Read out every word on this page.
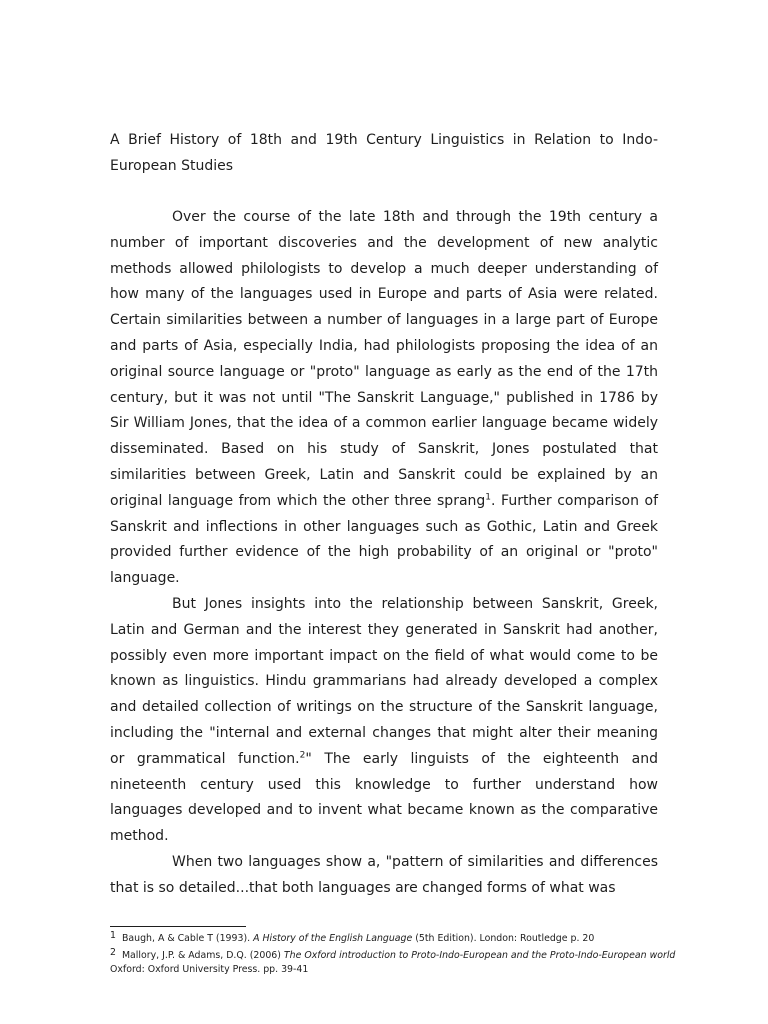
A Brief History of 18th and 19th Century Linguistics in Relation to Indo-European Studies

Over the course of the late 18th and through the 19th century a number of important discoveries and the development of new analytic methods allowed philologists to develop a much deeper understanding of how many of the languages used in Europe and parts of Asia were related. Certain similarities between a number of languages in a large part of Europe and parts of Asia, especially India, had philologists proposing the idea of an original source language or "proto" language as early as the end of the 17th century, but it was not until "The Sanskrit Language," published in 1786 by Sir William Jones, that the idea of a common earlier language became widely disseminated. Based on his study of Sanskrit, Jones postulated that similarities between Greek, Latin and Sanskrit could be explained by an original language from which the other three sprang$^1$. Further comparison of Sanskrit and inflections in other languages such as Gothic, Latin and Greek provided further evidence of the high probability of an original or "proto" language.

But Jones insights into the relationship between Sanskrit, Greek, Latin and German and the interest they generated in Sanskrit had another, possibly even more important impact on the field of what would come to be known as linguistics. Hindu grammarians had already developed a complex and detailed collection of writings on the structure of the Sanskrit language, including the "internal and external changes that might alter their meaning or grammatical function.$^2$" The early linguists of the eighteenth and nineteenth century used this knowledge to further understand how languages developed and to invent what became known as the comparative method.

When two languages show a, "pattern of similarities and differences that is so detailed...that both languages are changed forms of what was

1 Baugh, A & Cable T (1993). A History of the English Language (5th Edition). London: Routledge p. 20
2 Mallory, J.P. & Adams, D.Q. (2006) The Oxford introduction to Proto-Indo-European and the Proto-Indo-European world
Oxford: Oxford University Press. pp. 39-41
